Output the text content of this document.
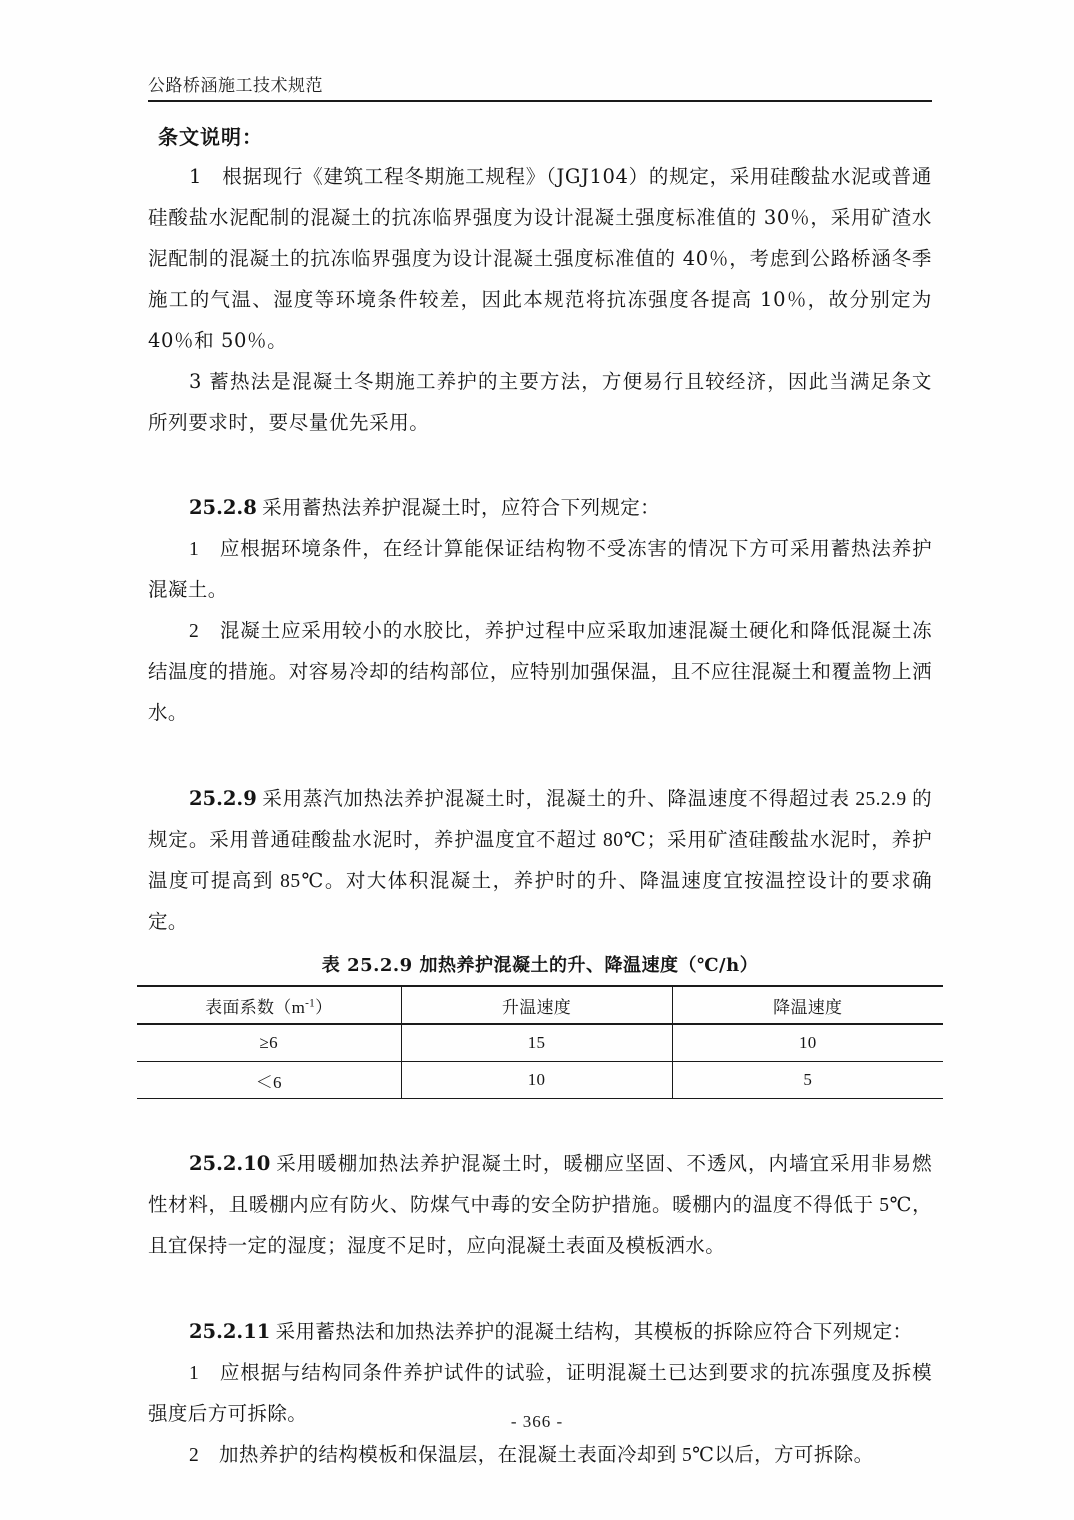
公路桥涵施工技术规范
条文说明：

1　根据现行《建筑工程冬期施工规程》（JGJ104）的规定，采用硅酸盐水泥或普通硅酸盐水泥配制的混凝土的抗冻临界强度为设计混凝土强度标准值的 30％，采用矿渣水泥配制的混凝土的抗冻临界强度为设计混凝土强度标准值的 40％，考虑到公路桥涵冬季施工的气温、湿度等环境条件较差，因此本规范将抗冻强度各提高 10％，故分别定为 40％和 50％。

3 蓄热法是混凝土冬期施工养护的主要方法，方便易行且较经济，因此当满足条文所列要求时，要尽量优先采用。

25.2.8 采用蓄热法养护混凝土时，应符合下列规定：

1　应根据环境条件，在经计算能保证结构物不受冻害的情况下方可采用蓄热法养护混凝土。

2　混凝土应采用较小的水胶比，养护过程中应采取加速混凝土硬化和降低混凝土冻结温度的措施。对容易冷却的结构部位，应特别加强保温，且不应往混凝土和覆盖物上洒水。

25.2.9 采用蒸汽加热法养护混凝土时，混凝土的升、降温速度不得超过表 25.2.9 的规定。采用普通硅酸盐水泥时，养护温度宜不超过 80℃；采用矿渣硅酸盐水泥时，养护温度可提高到 85℃。对大体积混凝土，养护时的升、降温速度宜按温控设计的要求确定。

表 25.2.9 加热养护混凝土的升、降温速度（℃/h）
表面系数$(m^{-1})$	升温速度	降温速度
≥6	15	10
＜6	10	5

25.2.10 采用暖棚加热法养护混凝土时，暖棚应坚固、不透风，内墙宜采用非易燃性材料，且暖棚内应有防火、防煤气中毒的安全防护措施。暖棚内的温度不得低于 5℃，且宜保持一定的湿度；湿度不足时，应向混凝土表面及模板洒水。

25.2.11 采用蓄热法和加热法养护的混凝土结构，其模板的拆除应符合下列规定：

1　应根据与结构同条件养护试件的试验，证明混凝土已达到要求的抗冻强度及拆模强度后方可拆除。

2　加热养护的结构模板和保温层，在混凝土表面冷却到 5℃以后，方可拆除。

- 366 -
